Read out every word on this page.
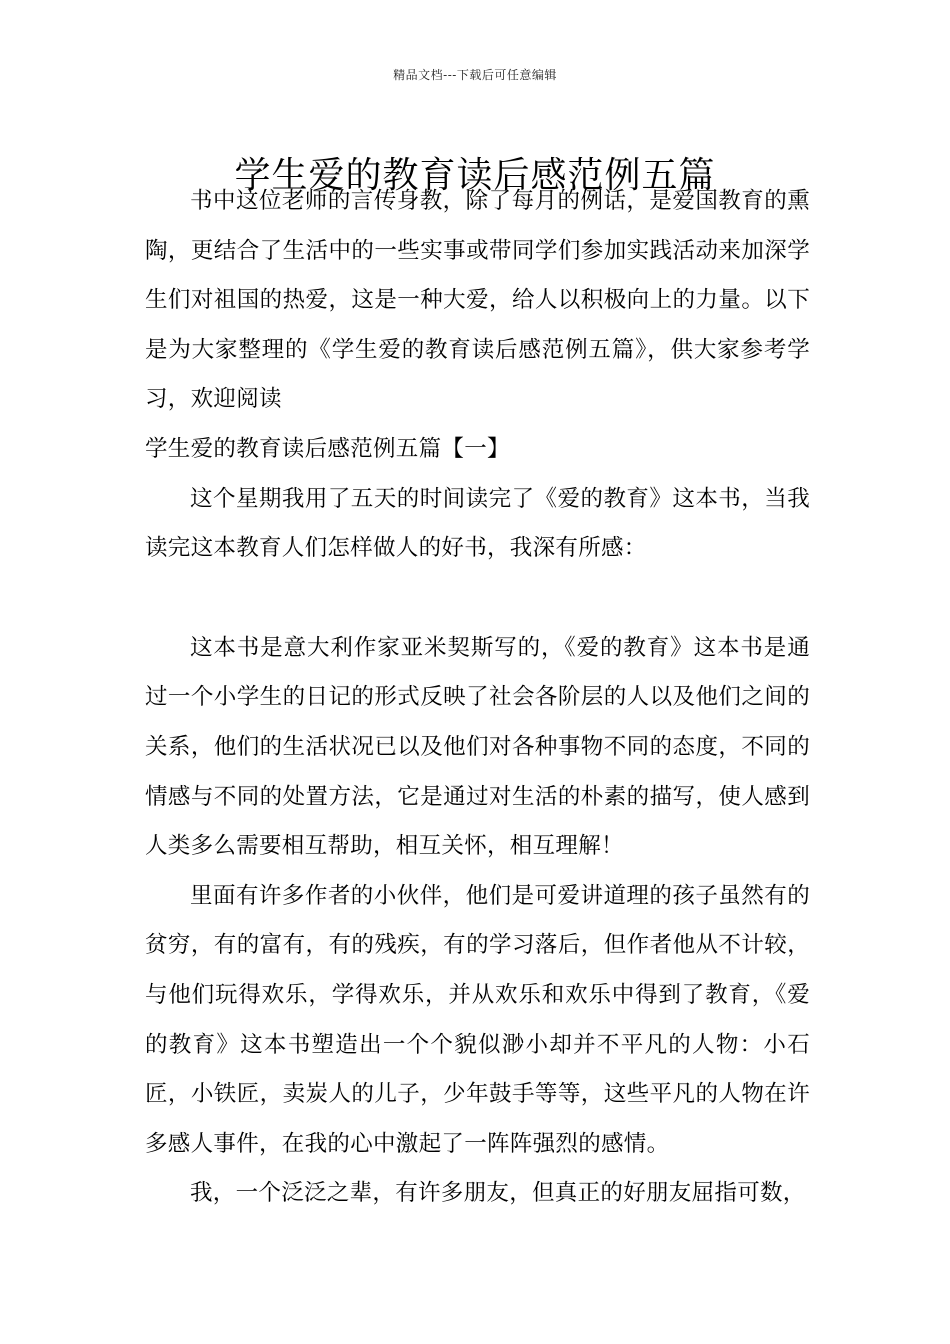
精品文档---下载后可任意编辑
学生爱的教育读后感范例五篇

书中这位老师的言传身教，除了每月的例话，是爱国教育的熏陶，更结合了生活中的一些实事或带同学们参加实践活动来加深学生们对祖国的热爱，这是一种大爱，给人以积极向上的力量。以下是为大家整理的《学生爱的教育读后感范例五篇》，供大家参考学习，欢迎阅读

学生爱的教育读后感范例五篇【一】

这个星期我用了五天的时间读完了《爱的教育》这本书，当我读完这本教育人们怎样做人的好书，我深有所感：

这本书是意大利作家亚米契斯写的，《爱的教育》这本书是通过一个小学生的日记的形式反映了社会各阶层的人以及他们之间的关系，他们的生活状况已以及他们对各种事物不同的态度，不同的情感与不同的处置方法，它是通过对生活的朴素的描写，使人感到人类多么需要相互帮助，相互关怀，相互理解！

里面有许多作者的小伙伴，他们是可爱讲道理的孩子虽然有的贫穷，有的富有，有的残疾，有的学习落后，但作者他从不计较，与他们玩得欢乐，学得欢乐，并从欢乐和欢乐中得到了教育，《爱的教育》这本书塑造出一个个貌似渺小却并不平凡的人物：小石匠，小铁匠，卖炭人的儿子，少年鼓手等等，这些平凡的人物在许多感人事件，在我的心中激起了一阵阵强烈的感情。

我，一个泛泛之辈，有许多朋友，但真正的好朋友屈指可数，
